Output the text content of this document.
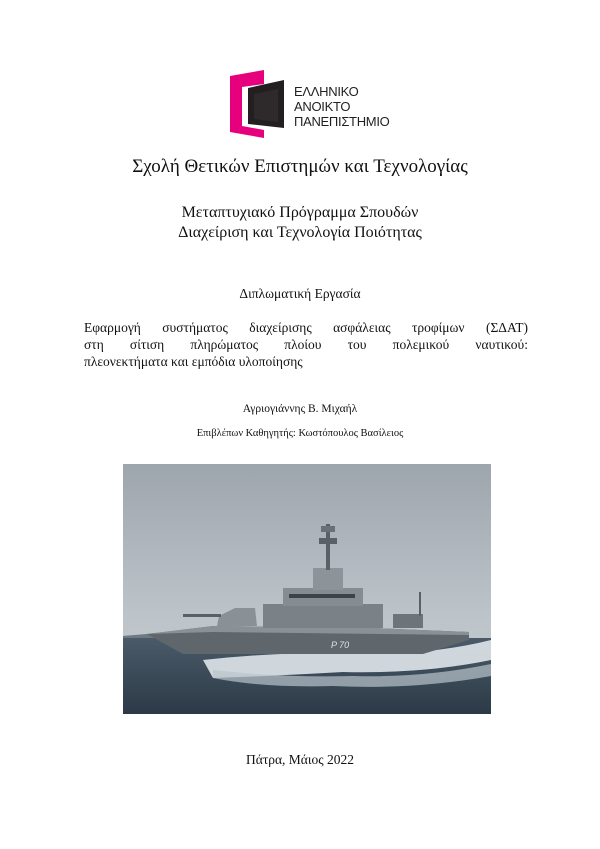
ΕΛΛΗΝΙΚΟ
ΑΝΟΙΚΤΟ
ΠΑΝΕΠΙΣΤΗΜΙΟ
Σχολή Θετικών Επιστημών και Τεχνολογίας
Μεταπτυχιακό Πρόγραμμα Σπουδών
Διαχείριση και Τεχνολογία Ποιότητας
Διπλωματική Εργασία
Εφαρμογή συστήματος διαχείρισης ασφάλειας τροφίμων (ΣΔΑΤ)
στη σίτιση πληρώματος πλοίου του πολεμικού ναυτικού:
πλεονεκτήματα και εμπόδια υλοποίησης
Αγριογιάννης Β. Μιχαήλ
Επιβλέπων Καθηγητής: Κωστόπουλος Βασίλειος
P 70
Πάτρα, Μάιος 2022
